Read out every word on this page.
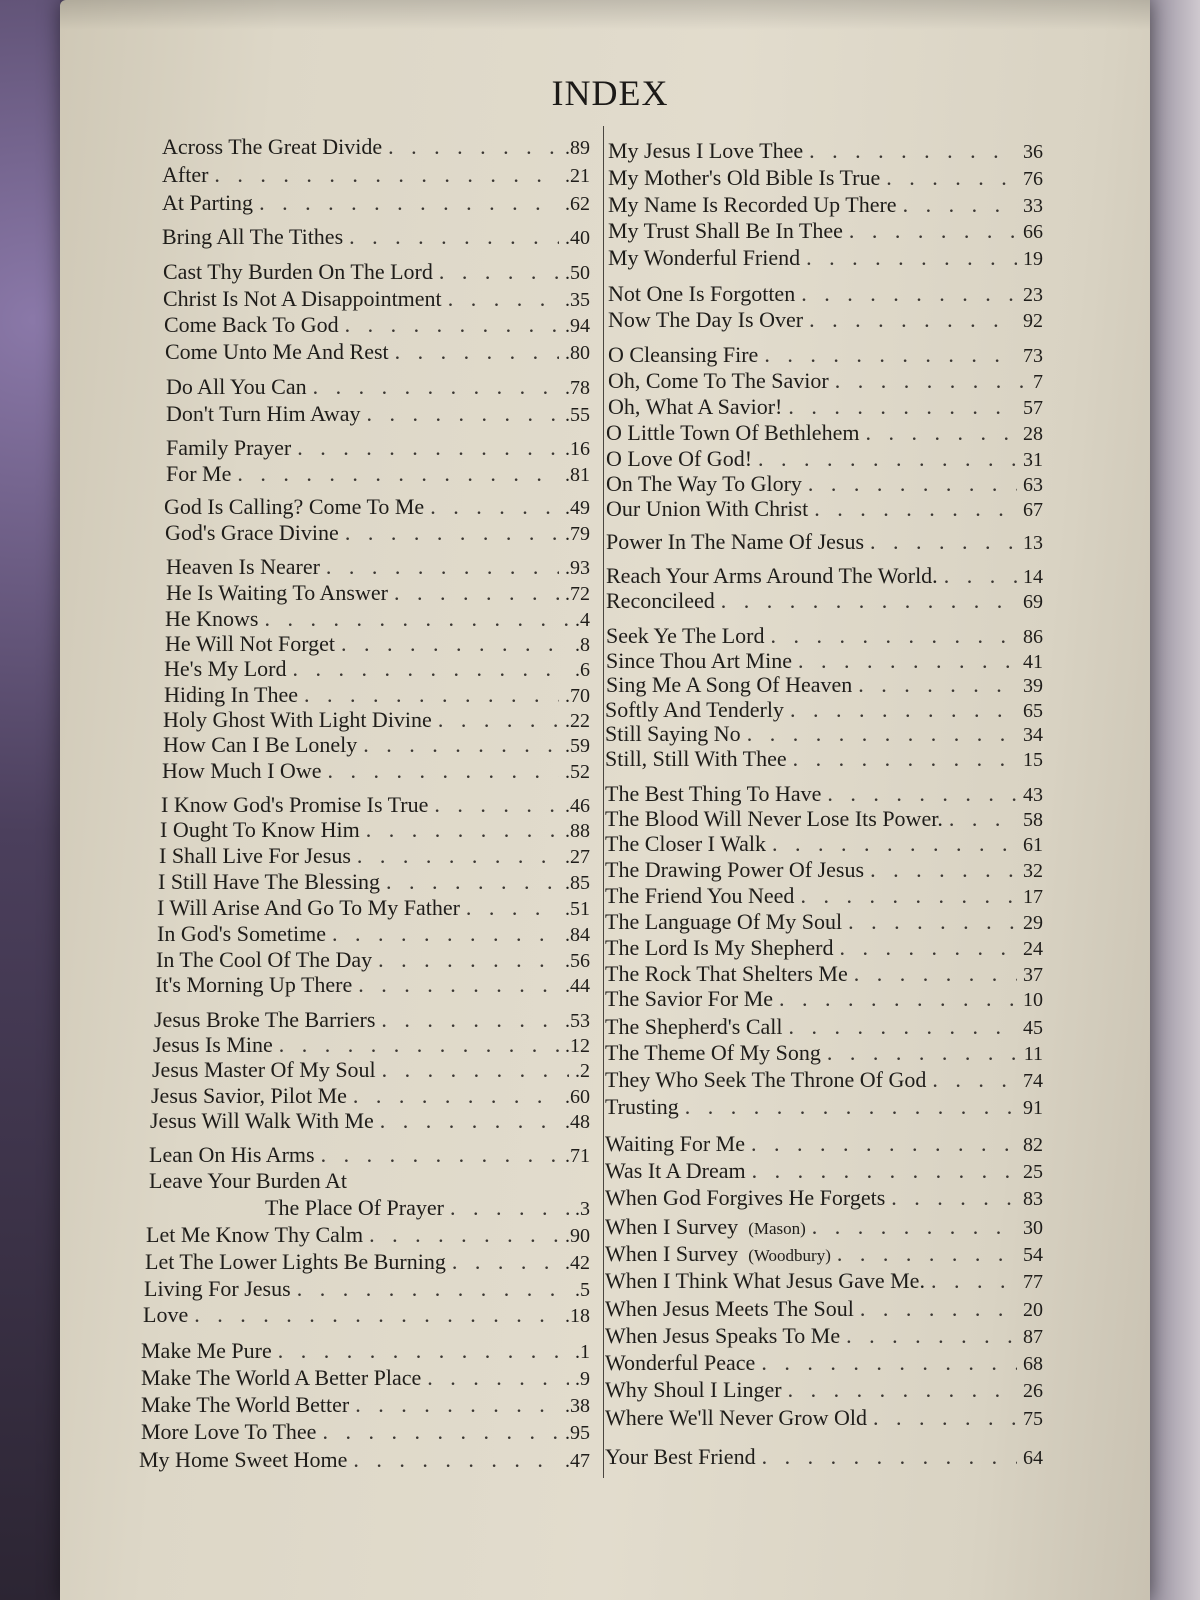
INDEX
Across The Great Divide . . .	.89
After . . .	.21
At Parting . . .	.62
Bring All The Tithes . . .	.40
Cast Thy Burden On The Lord . . .	.50
Christ Is Not A Disappointment . . .	.35
Come Back To God . . .	.94
Come Unto Me And Rest . . .	.80
Do All You Can . . .	.78
Don't Turn Him Away . . .	.55
Family Prayer . . .	.16
For Me . . .	.81
God Is Calling? Come To Me . . .	.49
God's Grace Divine . . .	.79
Heaven Is Nearer . . .	.93
He Is Waiting To Answer . . .	.72
He Knows . . .	.4
He Will Not Forget . . .	.8
He's My Lord . . .	.6
Hiding In Thee . . .	.70
Holy Ghost With Light Divine . . .	.22
How Can I Be Lonely . . .	.59
How Much I Owe . . .	.52
I Know God's Promise Is True . . .	.46
I Ought To Know Him . . .	.88
I Shall Live For Jesus . . .	.27
I Still Have The Blessing . . .	.85
I Will Arise And Go To My Father . . .	.51
In God's Sometime . . .	.84
In The Cool Of The Day . . .	.56
It's Morning Up There . . .	.44
Jesus Broke The Barriers . . .	.53
Jesus Is Mine . . .	.12
Jesus Master Of My Soul . . .	.2
Jesus Savior, Pilot Me . . .	.60
Jesus Will Walk With Me . . .	.48
Lean On His Arms . . .	.71
Leave Your Burden At
The Place Of Prayer . . .	.3
Let Me Know Thy Calm . . .	.90
Let The Lower Lights Be Burning . . .	.42
Living For Jesus . . .	.5
Love . . .	.18
Make Me Pure . . .	.1
Make The World A Better Place . . .	.9
Make The World Better . . .	.38
More Love To Thee . . .	.95
My Home Sweet Home . . .	.47
My Jesus I Love Thee . . .	36
My Mother's Old Bible Is True . . .	76
My Name Is Recorded Up There . . .	33
My Trust Shall Be In Thee . . .	66
My Wonderful Friend . . .	19
Not One Is Forgotten . . .	23
Now The Day Is Over . . .	92
O Cleansing Fire . . .	73
Oh, Come To The Savior . . .	7
Oh, What A Savior! . . .	57
O Little Town Of Bethlehem . . .	28
O Love Of God! . . .	31
On The Way To Glory . . .	63
Our Union With Christ . . .	67
Power In The Name Of Jesus . . .	13
Reach Your Arms Around The World. . . .	14
Reconcileed . . .	69
Seek Ye The Lord . . .	86
Since Thou Art Mine . . .	41
Sing Me A Song Of Heaven . . .	39
Softly And Tenderly . . .	65
Still Saying No . . .	34
Still, Still With Thee . . .	15
The Best Thing To Have . . .	43
The Blood Will Never Lose Its Power. . . .	58
The Closer I Walk . . .	61
The Drawing Power Of Jesus . . .	32
The Friend You Need . . .	17
The Language Of My Soul . . .	29
The Lord Is My Shepherd . . .	24
The Rock That Shelters Me . . .	37
The Savior For Me . . .	10
The Shepherd's Call . . .	45
The Theme Of My Song . . .	11
They Who Seek The Throne Of God . . .	74
Trusting . . .	91
Waiting For Me . . .	82
Was It A Dream . . .	25
When God Forgives He Forgets . . .	83
When I Survey (Mason) . . .	30
When I Survey (Woodbury) . . .	54
When I Think What Jesus Gave Me. . . .	77
When Jesus Meets The Soul . . .	20
When Jesus Speaks To Me . . .	87
Wonderful Peace . . .	68
Why Shoul I Linger . . .	26
Where We'll Never Grow Old . . .	75
Your Best Friend . . .	64
